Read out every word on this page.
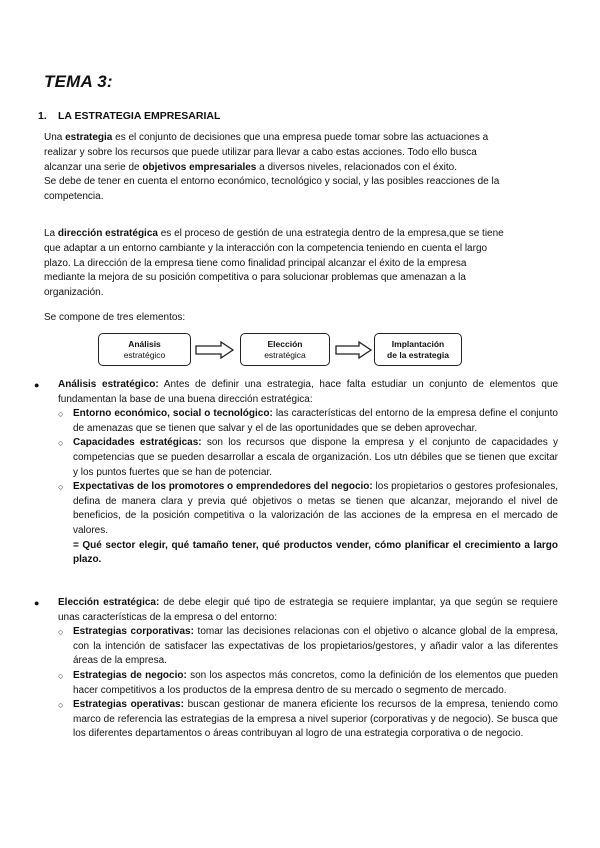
TEMA 3:
1. LA ESTRATEGIA EMPRESARIAL
Una estrategia es el conjunto de decisiones que una empresa puede tomar sobre las actuaciones a realizar y sobre los recursos que puede utilizar para llevar a cabo estas acciones. Todo ello busca alcanzar una serie de objetivos empresariales a diversos niveles, relacionados con el éxito.
Se debe de tener en cuenta el entorno económico, tecnológico y social, y las posibles reacciones de la competencia.
La dirección estratégica es el proceso de gestión de una estrategia dentro de la empresa,que se tiene que adaptar a un entorno cambiante y la interacción con la competencia teniendo en cuenta el largo plazo. La dirección de la empresa tiene como finalidad principal alcanzar el éxito de la empresa mediante la mejora de su posición competitiva o para solucionar problemas que amenazan a la organización.
Se compone de tres elementos:
Análisis
estratégico
Elección
estratégica
Implantación
de la estrategia
● Análisis estratégico: Antes de definir una estrategia, hace falta estudiar un conjunto de elementos que fundamentan la base de una buena dirección estratégica:
○ Entorno económico, social o tecnológico: las características del entorno de la empresa define el conjunto de amenazas que se tienen que salvar y el de las oportunidades que se deben aprovechar.
○ Capacidades estratégicas: son los recursos que dispone la empresa y el conjunto de capacidades y competencias que se pueden desarrollar a escala de organización. Los utn débiles que se tienen que excitar y los puntos fuertes que se han de potenciar.
○ Expectativas de los promotores o emprendedores del negocio: los propietarios o gestores profesionales, defina de manera clara y previa qué objetivos o metas se tienen que alcanzar, mejorando el nivel de beneficios, de la posición competitiva o la valorización de las acciones de la empresa en el mercado de valores.
= Qué sector elegir, qué tamaño tener, qué productos vender, cómo planificar el crecimiento a largo plazo.
● Elección estratégica: de debe elegir qué tipo de estrategia se requiere implantar, ya que según se requiere unas características de la empresa o del entorno:
○ Estrategias corporativas: tomar las decisiones relacionas con el objetivo o alcance global de la empresa, con la intención de satisfacer las expectativas de los propietarios/gestores, y añadir valor a las diferentes áreas de la empresa.
○ Estrategias de negocio: son los aspectos más concretos, como la definición de los elementos que pueden hacer competitivos a los productos de la empresa dentro de su mercado o segmento de mercado.
○ Estrategias operativas: buscan gestionar de manera eficiente los recursos de la empresa, teniendo como marco de referencia las estrategias de la empresa a nivel superior (corporativas y de negocio). Se busca que los diferentes departamentos o áreas contribuyan al logro de una estrategia corporativa o de negocio.
